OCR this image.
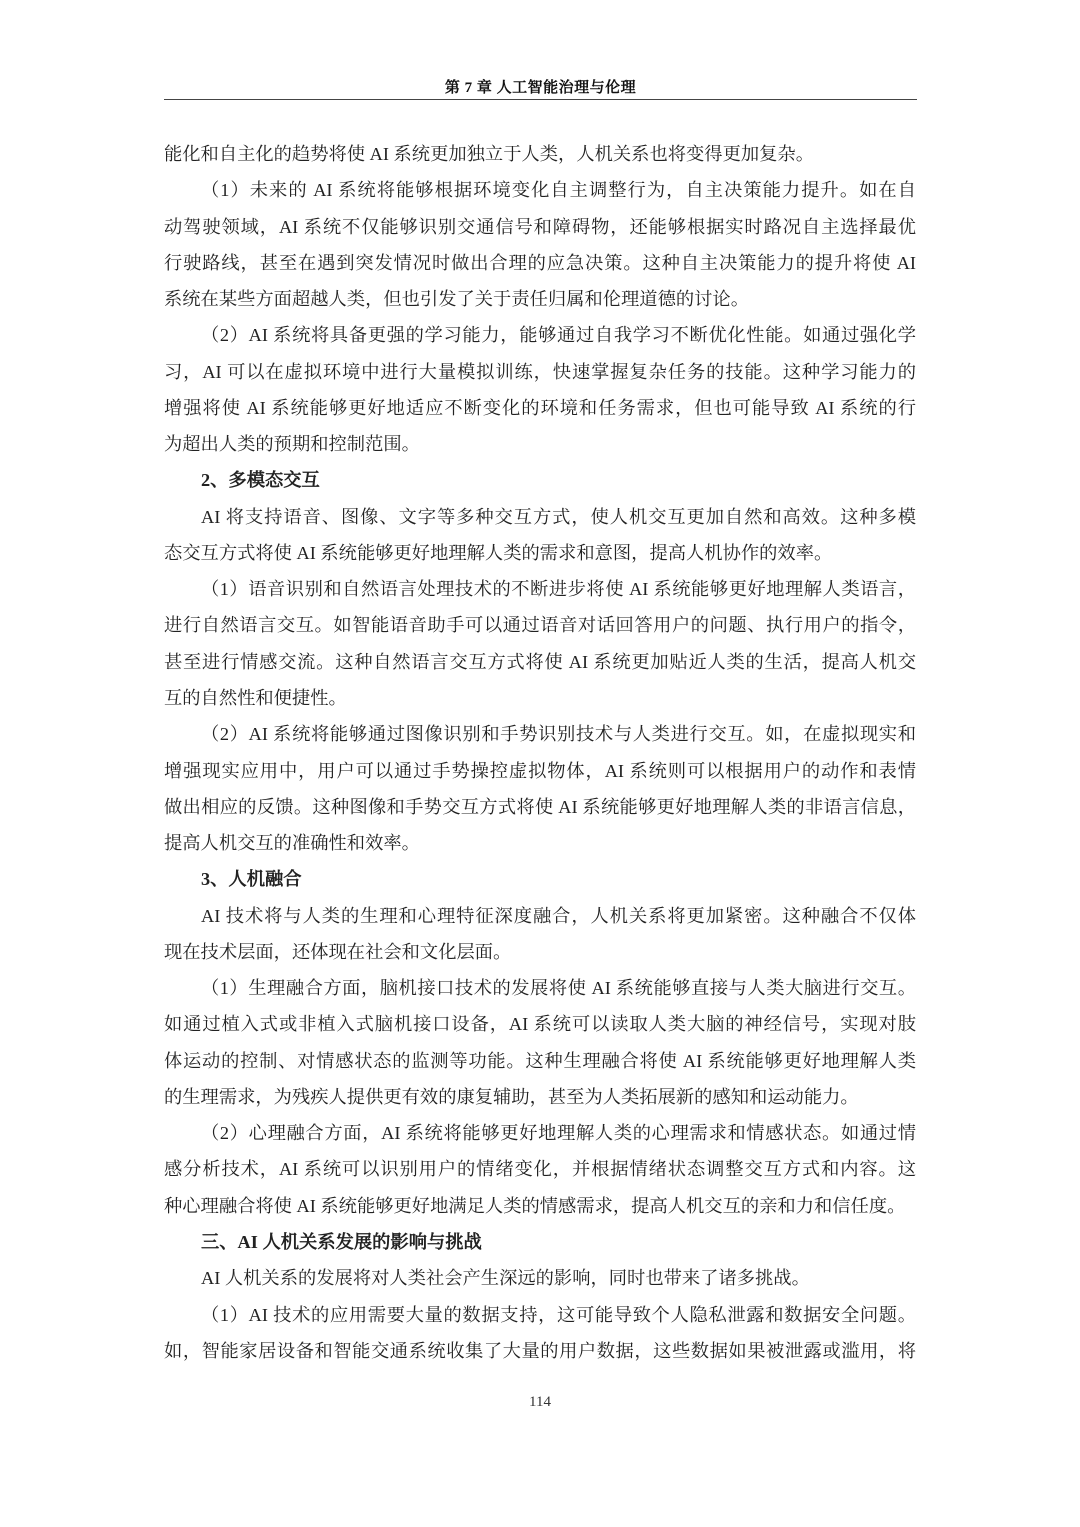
第 7 章 人工智能治理与伦理
能化和自主化的趋势将使 AI 系统更加独立于人类，人机关系也将变得更加复杂。
（1）未来的 AI 系统将能够根据环境变化自主调整行为，自主决策能力提升。如在自
动驾驶领域，AI 系统不仅能够识别交通信号和障碍物，还能够根据实时路况自主选择最优
行驶路线，甚至在遇到突发情况时做出合理的应急决策。这种自主决策能力的提升将使 AI
系统在某些方面超越人类，但也引发了关于责任归属和伦理道德的讨论。
（2）AI 系统将具备更强的学习能力，能够通过自我学习不断优化性能。如通过强化学
习，AI 可以在虚拟环境中进行大量模拟训练，快速掌握复杂任务的技能。这种学习能力的
增强将使 AI 系统能够更好地适应不断变化的环境和任务需求，但也可能导致 AI 系统的行
为超出人类的预期和控制范围。
2、多模态交互
AI 将支持语音、图像、文字等多种交互方式，使人机交互更加自然和高效。这种多模
态交互方式将使 AI 系统能够更好地理解人类的需求和意图，提高人机协作的效率。
（1）语音识别和自然语言处理技术的不断进步将使 AI 系统能够更好地理解人类语言，
进行自然语言交互。如智能语音助手可以通过语音对话回答用户的问题、执行用户的指令，
甚至进行情感交流。这种自然语言交互方式将使 AI 系统更加贴近人类的生活，提高人机交
互的自然性和便捷性。
（2）AI 系统将能够通过图像识别和手势识别技术与人类进行交互。如，在虚拟现实和
增强现实应用中，用户可以通过手势操控虚拟物体，AI 系统则可以根据用户的动作和表情
做出相应的反馈。这种图像和手势交互方式将使 AI 系统能够更好地理解人类的非语言信息，
提高人机交互的准确性和效率。
3、人机融合
AI 技术将与人类的生理和心理特征深度融合，人机关系将更加紧密。这种融合不仅体
现在技术层面，还体现在社会和文化层面。
（1）生理融合方面，脑机接口技术的发展将使 AI 系统能够直接与人类大脑进行交互。
如通过植入式或非植入式脑机接口设备，AI 系统可以读取人类大脑的神经信号，实现对肢
体运动的控制、对情感状态的监测等功能。这种生理融合将使 AI 系统能够更好地理解人类
的生理需求，为残疾人提供更有效的康复辅助，甚至为人类拓展新的感知和运动能力。
（2）心理融合方面，AI 系统将能够更好地理解人类的心理需求和情感状态。如通过情
感分析技术，AI 系统可以识别用户的情绪变化，并根据情绪状态调整交互方式和内容。这
种心理融合将使 AI 系统能够更好地满足人类的情感需求，提高人机交互的亲和力和信任度。
三、AI 人机关系发展的影响与挑战
AI 人机关系的发展将对人类社会产生深远的影响，同时也带来了诸多挑战。
（1）AI 技术的应用需要大量的数据支持，这可能导致个人隐私泄露和数据安全问题。
如，智能家居设备和智能交通系统收集了大量的用户数据，这些数据如果被泄露或滥用，将
114
